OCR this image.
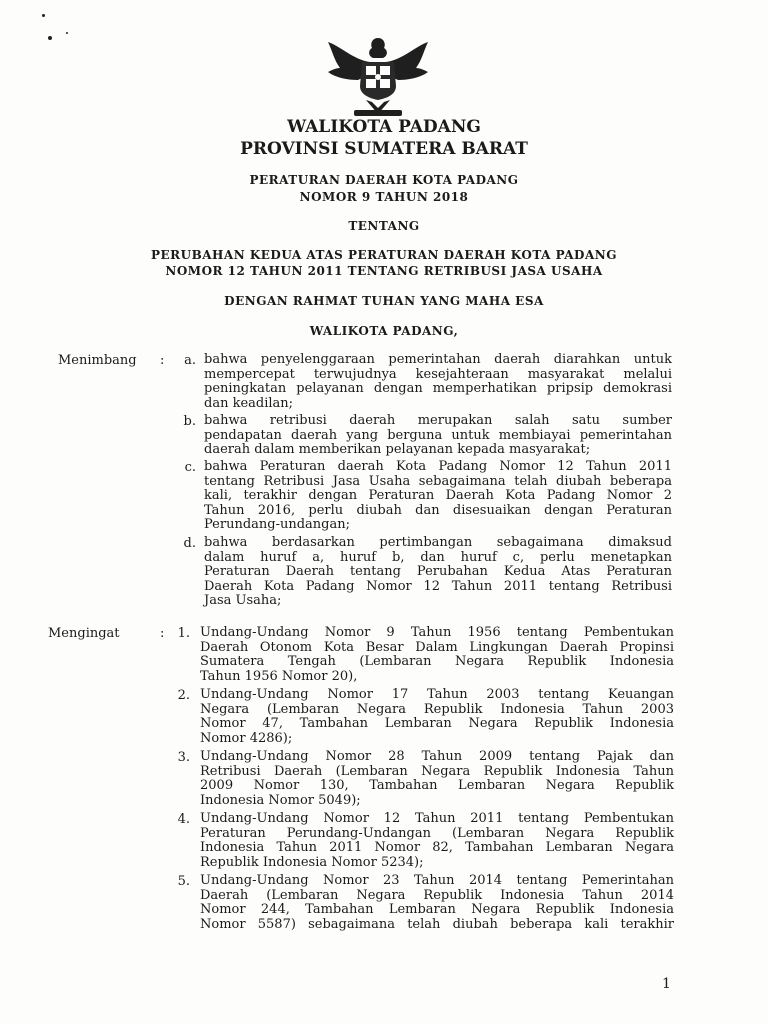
WALIKOTA PADANG
PROVINSI SUMATERA BARAT
PERATURAN DAERAH KOTA PADANG
NOMOR 9 TAHUN 2018
TENTANG
PERUBAHAN KEDUA ATAS PERATURAN DAERAH KOTA PADANG
NOMOR 12 TAHUN 2011 TENTANG RETRIBUSI JASA USAHA
DENGAN RAHMAT TUHAN YANG MAHA ESA
WALIKOTA PADANG,
Menimbang :	a. bahwa penyelenggaraan pemerintahan daerah diarahkan untuk
mempercepat terwujudnya kesejahteraan masyarakat melalui
peningkatan pelayanan dengan memperhatikan pripsip demokrasi
dan keadilan;
b. bahwa retribusi daerah merupakan salah satu sumber
pendapatan daerah yang berguna untuk membiayai pemerintahan
daerah dalam memberikan pelayanan kepada masyarakat;
c. bahwa Peraturan daerah Kota Padang Nomor 12 Tahun 2011
tentang Retribusi Jasa Usaha sebagaimana telah diubah beberapa
kali, terakhir dengan Peraturan Daerah Kota Padang Nomor 2
Tahun 2016, perlu diubah dan disesuaikan dengan Peraturan
Perundang-undangan;
d. bahwa berdasarkan pertimbangan sebagaimana dimaksud
dalam huruf a, huruf b, dan huruf c, perlu menetapkan
Peraturan Daerah tentang Perubahan Kedua Atas Peraturan
Daerah Kota Padang Nomor 12 Tahun 2011 tentang Retribusi
Jasa Usaha;
Mengingat	:	1. Undang-Undang Nomor 9 Tahun 1956 tentang Pembentukan
Daerah Otonom Kota Besar Dalam Lingkungan Daerah Propinsi
Sumatera Tengah (Lembaran Negara Republik Indonesia
Tahun 1956 Nomor 20),
2. Undang-Undang Nomor 17 Tahun 2003 tentang Keuangan
Negara (Lembaran Negara Republik Indonesia Tahun 2003
Nomor 47, Tambahan Lembaran Negara Republik Indonesia
Nomor 4286);
3. Undang-Undang Nomor 28 Tahun 2009 tentang Pajak dan
Retribusi Daerah (Lembaran Negara Republik Indonesia Tahun
2009 Nomor 130, Tambahan Lembaran Negara Republik
Indonesia Nomor 5049);
4. Undang-Undang Nomor 12 Tahun 2011 tentang Pembentukan
Peraturan Perundang-Undangan (Lembaran Negara Republik
Indonesia Tahun 2011 Nomor 82, Tambahan Lembaran Negara
Republik Indonesia Nomor 5234);
5. Undang-Undang Nomor 23 Tahun 2014 tentang Pemerintahan
Daerah (Lembaran Negara Republik Indonesia Tahun 2014
Nomor 244, Tambahan Lembaran Negara Republik Indonesia
Nomor 5587) sebagaimana telah diubah beberapa kali terakhir
1
